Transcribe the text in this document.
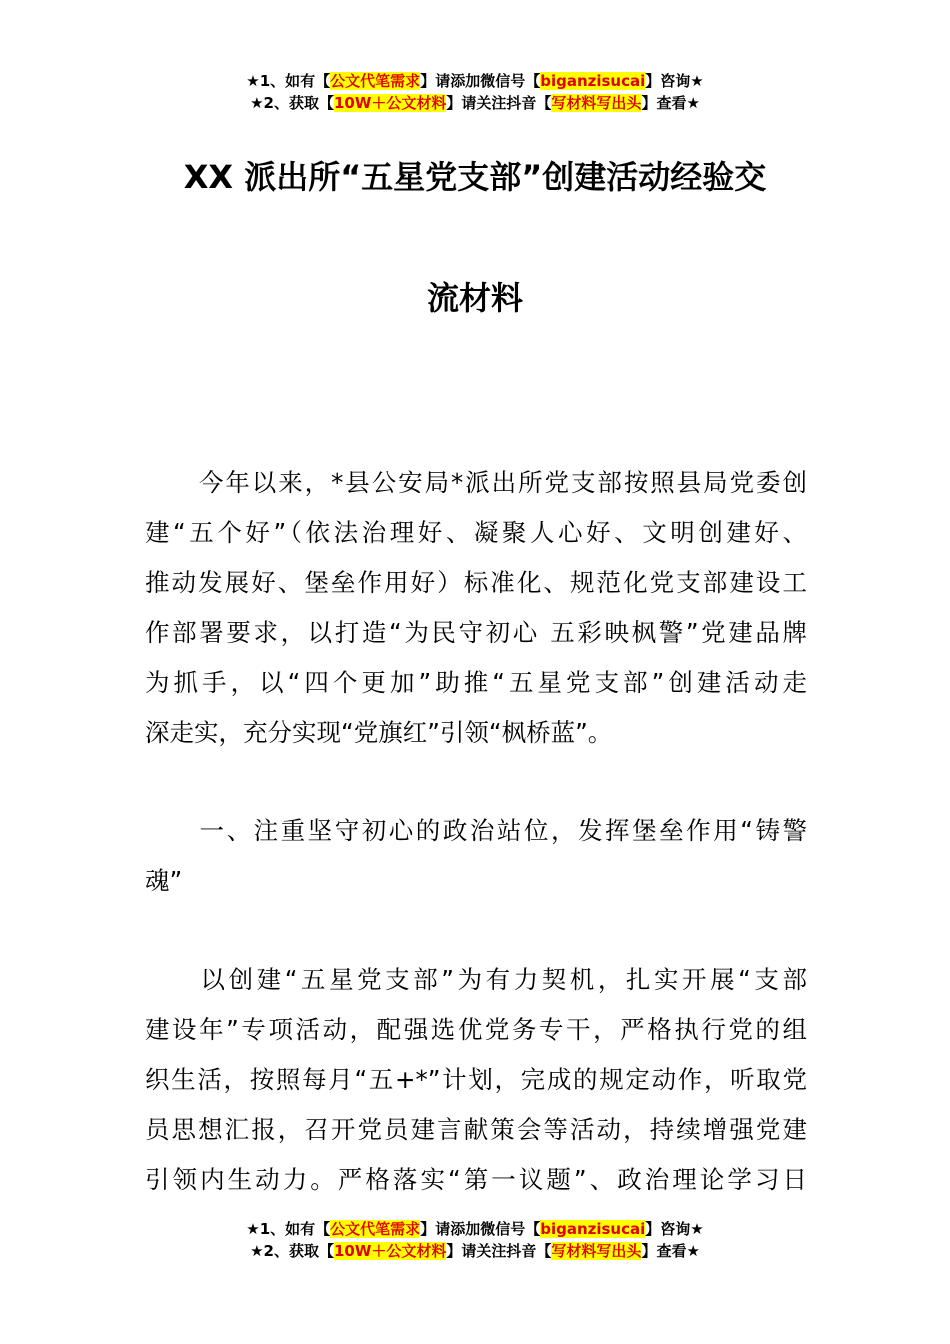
★1、如有【公文代笔需求】请添加微信号【biganzisucai】咨询★
★2、获取【10W＋公文材料】请关注抖音【写材料写出头】查看★
XX 派出所“五星党支部”创建活动经验交
流材料
今年以来，*县公安局*派出所党支部按照县局党委创
建“五个好”（依法治理好、凝聚人心好、文明创建好、
推动发展好、堡垒作用好）标准化、规范化党支部建设工
作部署要求，以打造“为民守初心 五彩映枫警”党建品牌
为抓手，以“四个更加”助推“五星党支部”创建活动走
深走实，充分实现“党旗红”引领“枫桥蓝”。
一、注重坚守初心的政治站位，发挥堡垒作用“铸警
魂”
以创建“五星党支部”为有力契机，扎实开展“支部
建设年”专项活动，配强选优党务专干，严格执行党的组
织生活，按照每月“五+*”计划，完成的规定动作，听取党
员思想汇报，召开党员建言献策会等活动，持续增强党建
引领内生动力。严格落实“第一议题”、政治理论学习日
★1、如有【公文代笔需求】请添加微信号【biganzisucai】咨询★
★2、获取【10W＋公文材料】请关注抖音【写材料写出头】查看★
